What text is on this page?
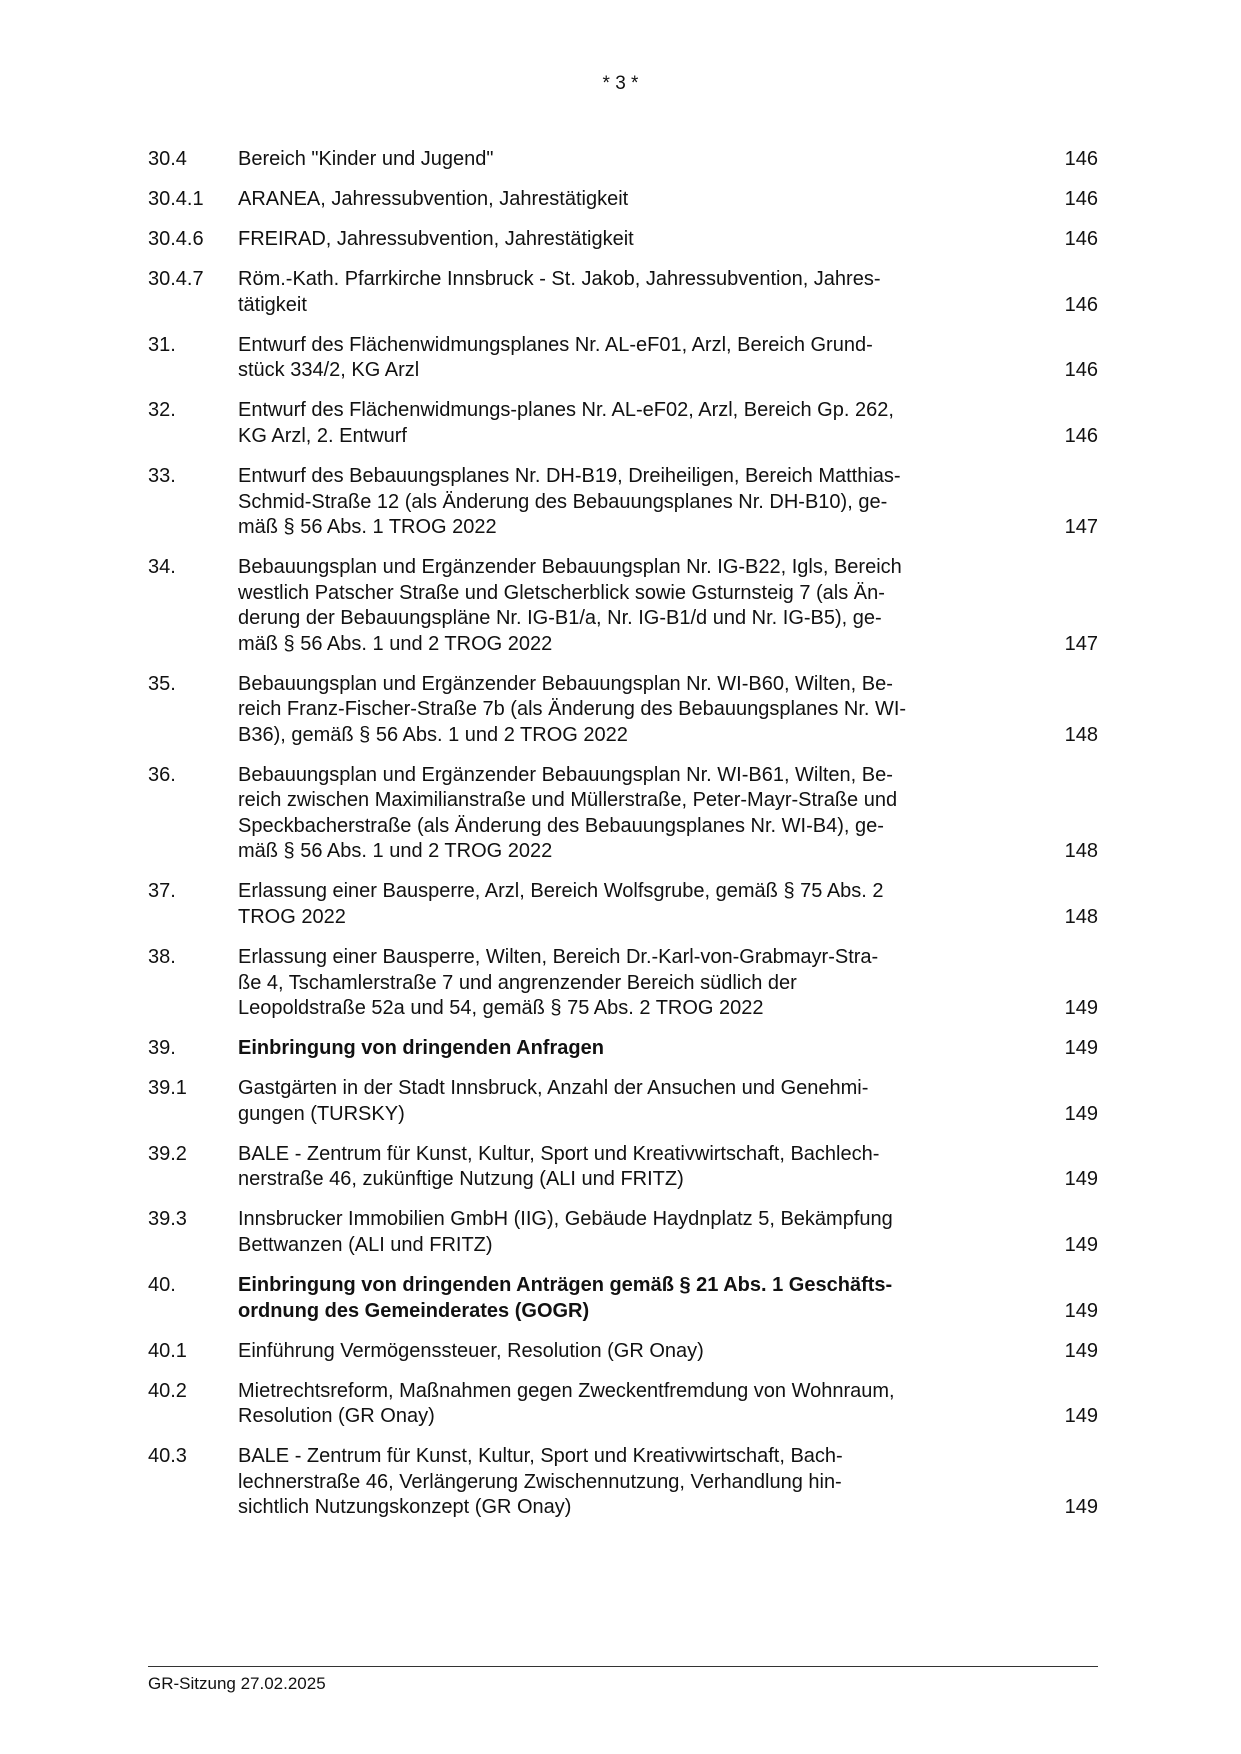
* 3 *
30.4	Bereich "Kinder und Jugend"	146
30.4.1	ARANEA, Jahressubvention, Jahrestätigkeit	146
30.4.6	FREIRAD, Jahressubvention, Jahrestätigkeit	146
30.4.7	Röm.-Kath. Pfarrkirche Innsbruck - St. Jakob, Jahressubvention, Jahres-
tätigkeit	146
31.	Entwurf des Flächenwidmungsplanes Nr. AL-eF01, Arzl, Bereich Grund-
stück 334/2, KG Arzl	146
32.	Entwurf des Flächenwidmungs-planes Nr. AL-eF02, Arzl, Bereich Gp. 262,
KG Arzl, 2. Entwurf	146
33.	Entwurf des Bebauungsplanes Nr. DH-B19, Dreiheiligen, Bereich Matthias-
Schmid-Straße 12 (als Änderung des Bebauungsplanes Nr. DH-B10), ge-
mäß § 56 Abs. 1 TROG 2022	147
34.	Bebauungsplan und Ergänzender Bebauungsplan Nr. IG-B22, Igls, Bereich
westlich Patscher Straße und Gletscherblick sowie Gsturnsteig 7 (als Än-
derung der Bebauungspläne Nr. IG-B1/a, Nr. IG-B1/d und Nr. IG-B5), ge-
mäß § 56 Abs. 1 und 2 TROG 2022	147
35.	Bebauungsplan und Ergänzender Bebauungsplan Nr. WI-B60, Wilten, Be-
reich Franz-Fischer-Straße 7b (als Änderung des Bebauungsplanes Nr. WI-
B36), gemäß § 56 Abs. 1 und 2 TROG 2022	148
36.	Bebauungsplan und Ergänzender Bebauungsplan Nr. WI-B61, Wilten, Be-
reich zwischen Maximilianstraße und Müllerstraße, Peter-Mayr-Straße und
Speckbacherstraße (als Änderung des Bebauungsplanes Nr. WI-B4), ge-
mäß § 56 Abs. 1 und 2 TROG 2022	148
37.	Erlassung einer Bausperre, Arzl, Bereich Wolfsgrube, gemäß § 75 Abs. 2
TROG 2022	148
38.	Erlassung einer Bausperre, Wilten, Bereich Dr.-Karl-von-Grabmayr-Stra-
ße 4, Tschamlerstraße 7 und angrenzender Bereich südlich der
Leopoldstraße 52a und 54, gemäß § 75 Abs. 2 TROG 2022	149
39.	Einbringung von dringenden Anfragen	149
39.1	Gastgärten in der Stadt Innsbruck, Anzahl der Ansuchen und Genehmi-
gungen (TURSKY)	149
39.2	BALE - Zentrum für Kunst, Kultur, Sport und Kreativwirtschaft, Bachlech-
nerstraße 46, zukünftige Nutzung (ALI und FRITZ)	149
39.3	Innsbrucker Immobilien GmbH (IIG), Gebäude Haydnplatz 5, Bekämpfung
Bettwanzen (ALI und FRITZ)	149
40.	Einbringung von dringenden Anträgen gemäß § 21 Abs. 1 Geschäfts-
ordnung des Gemeinderates (GOGR)	149
40.1	Einführung Vermögenssteuer, Resolution (GR Onay)	149
40.2	Mietrechtsreform, Maßnahmen gegen Zweckentfremdung von Wohnraum,
Resolution (GR Onay)	149
40.3	BALE - Zentrum für Kunst, Kultur, Sport und Kreativwirtschaft, Bach-
lechnerstraße 46, Verlängerung Zwischennutzung, Verhandlung hin-
sichtlich Nutzungskonzept (GR Onay)	149
GR-Sitzung 27.02.2025
